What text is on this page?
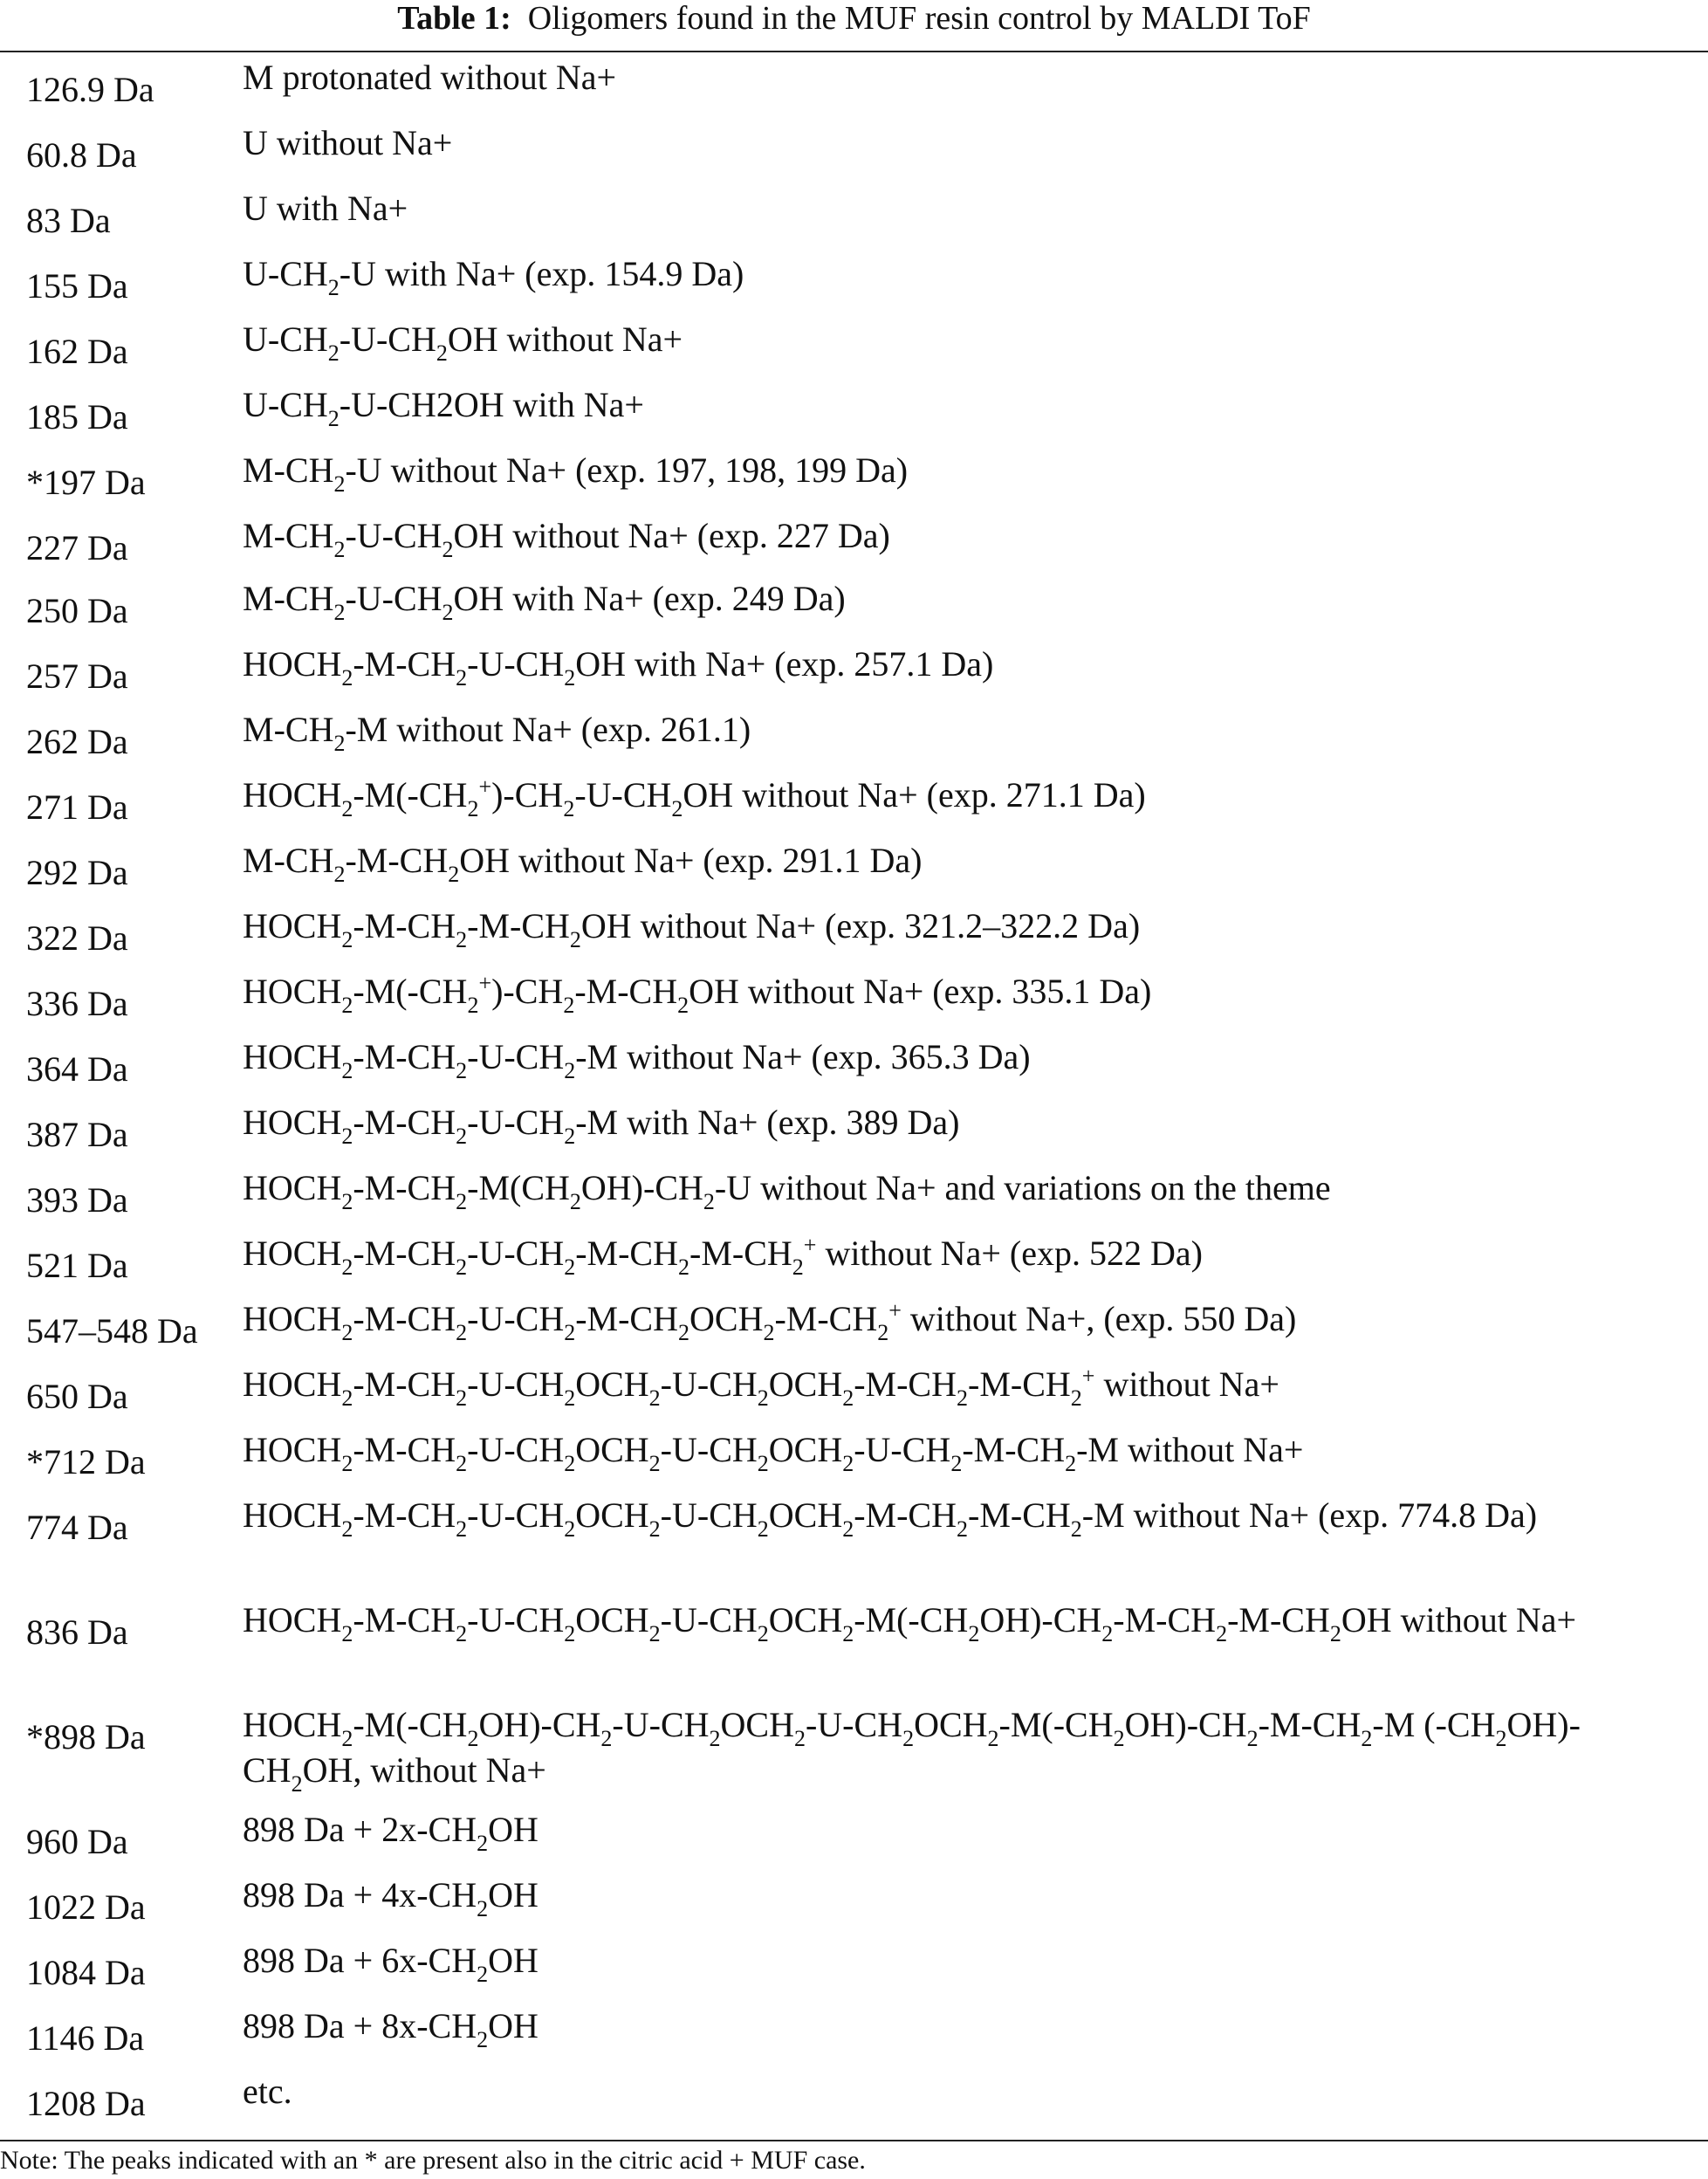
Table 1: Oligomers found in the MUF resin control by MALDI ToF
126.9 Da	M protonated without Na+
60.8 Da	U without Na+
83 Da	U with Na+
155 Da	$U-CH_2-U$ with Na+ (exp. 154.9 Da)
162 Da	$U-CH_2-U-CH_2OH$ without Na+
185 Da	$U-CH_2-U-CH2OH$ with Na+
*197 Da	$M-CH_2-U$ without Na+ (exp. 197, 198, 199 Da)
227 Da	$M-CH_2-U-CH_2OH$ without Na+ (exp. 227 Da)
250 Da	$M-CH_2-U-CH_2OH$ with Na+ (exp. 249 Da)
257 Da	$HOCH_2-M-CH_2-U-CH_2OH$ with Na+ (exp. 257.1 Da)
262 Da	$M-CH_2-M$ without Na+ (exp. 261.1)
271 Da	$HOCH_2-M(-CH_2^+)-CH_2-U-CH_2OH$ without Na+ (exp. 271.1 Da)
292 Da	$M-CH_2-M-CH_2OH$ without Na+ (exp. 291.1 Da)
322 Da	$HOCH_2-M-CH_2-M-CH_2OH$ without Na+ (exp. 321.2–322.2 Da)
336 Da	$HOCH_2-M(-CH_2^+)-CH_2-M-CH_2OH$ without Na+ (exp. 335.1 Da)
364 Da	$HOCH_2-M-CH_2-U-CH_2-M$ without Na+ (exp. 365.3 Da)
387 Da	$HOCH_2-M-CH_2-U-CH_2-M$ with Na+ (exp. 389 Da)
393 Da	$HOCH_2-M-CH_2-M(CH_2OH)-CH_2-U$ without Na+ and variations on the theme
521 Da	$HOCH_2-M-CH_2-U-CH_2-M-CH_2-M-CH_2^+$ without Na+ (exp. 522 Da)
547–548 Da $HOCH_2-M-CH_2-U-CH_2-M-CH_2OCH_2-M-CH_2^+$ without Na+, (exp. 550 Da)
650 Da	$HOCH_2-M-CH_2-U-CH_2OCH_2-U-CH_2OCH_2-M-CH_2-M-CH_2^+$ without Na+
*712 Da	$HOCH_2-M-CH_2-U-CH_2OCH_2-U-CH_2OCH_2-U-CH_2-M-CH_2-M$ without Na+
774 Da	$HOCH_2-M-CH_2-U-CH_2OCH_2-U-CH_2OCH_2-M-CH_2-M-CH_2-M$ without Na+ (exp. 774.8 Da)
836 Da	$HOCH_2-M-CH_2-U-CH_2OCH_2-U-CH_2OCH_2-M(-CH_2OH)-CH_2-M-CH_2-M-CH_2OH$ without Na+
*898 Da	$HOCH_2-M(-CH_2OH)-CH_2-U-CH_2OCH_2-U-CH_2OCH_2-M(-CH_2OH)-CH_2-M-CH_2-M$ $(-CH_2OH)-CH_2OH$, without Na+
960 Da	898 $Da + 2x-CH_2OH$
1022 Da	898 $Da + 4x-CH_2OH$
1084 Da	898 $Da + 6x-CH_2OH$
1146 Da	898 $Da + 8x-CH_2OH$
1208 Da	etc.
Note: The peaks indicated with an * are present also in the citric acid + MUF case.
